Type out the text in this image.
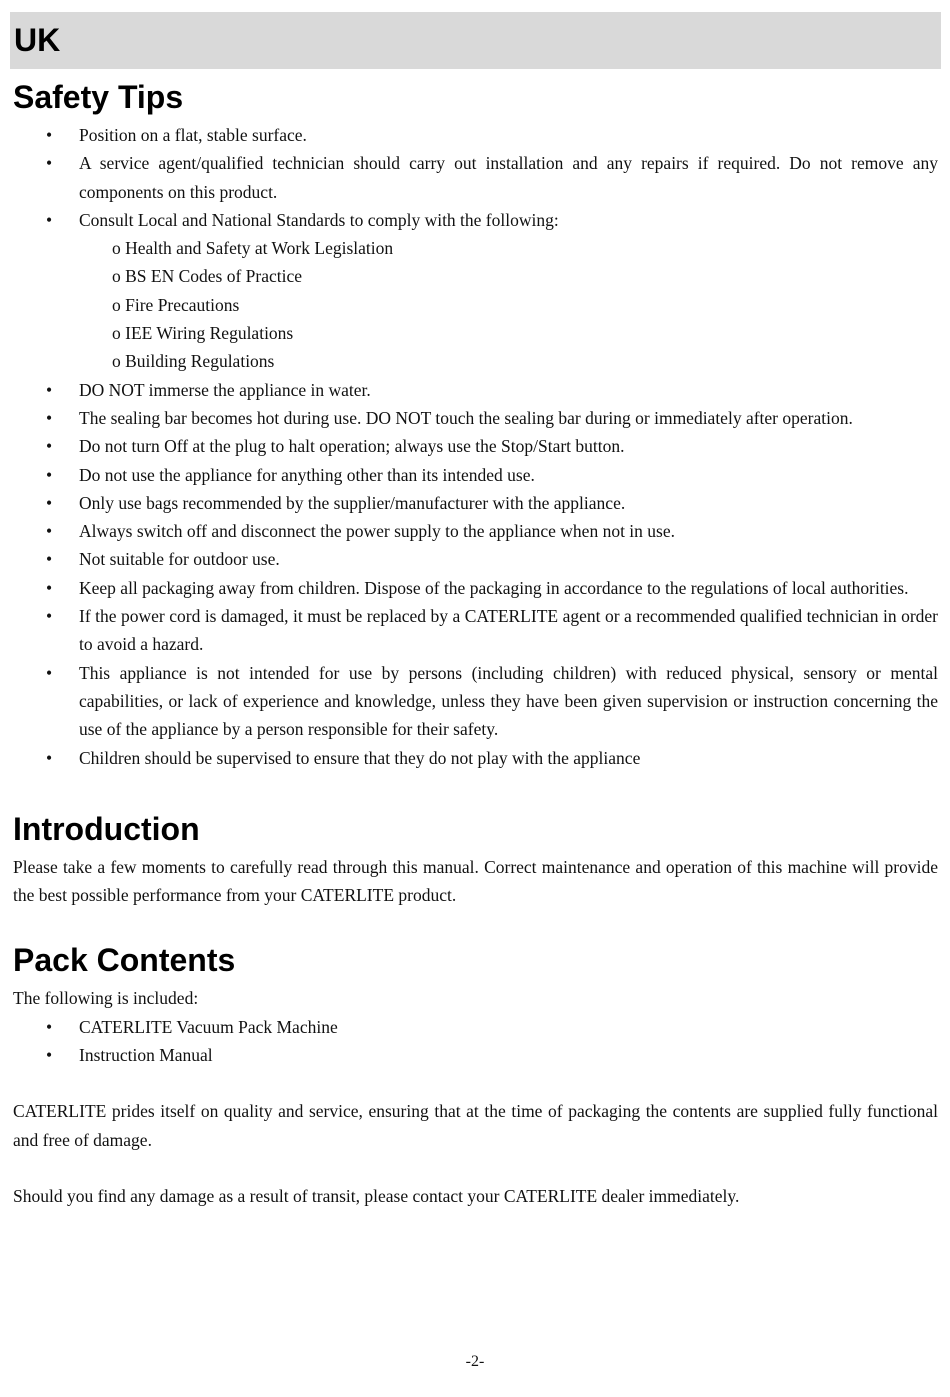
UK
Safety Tips
• Position on a flat, stable surface.
• A service agent/qualified technician should carry out installation and any repairs if required. Do not remove any components on this product.
• Consult Local and National Standards to comply with the following:
o Health and Safety at Work Legislation
o BS EN Codes of Practice
o Fire Precautions
o IEE Wiring Regulations
o Building Regulations
• DO NOT immerse the appliance in water.
• The sealing bar becomes hot during use. DO NOT touch the sealing bar during or immediately after operation.
• Do not turn Off at the plug to halt operation; always use the Stop/Start button.
• Do not use the appliance for anything other than its intended use.
• Only use bags recommended by the supplier/manufacturer with the appliance.
• Always switch off and disconnect the power supply to the appliance when not in use.
• Not suitable for outdoor use.
• Keep all packaging away from children. Dispose of the packaging in accordance to the regulations of local authorities.
• If the power cord is damaged, it must be replaced by a CATERLITE agent or a recommended qualified technician in order to avoid a hazard.
• This appliance is not intended for use by persons (including children) with reduced physical, sensory or mental capabilities, or lack of experience and knowledge, unless they have been given supervision or instruction concerning the use of the appliance by a person responsible for their safety.
• Children should be supervised to ensure that they do not play with the appliance
Introduction

Please take a few moments to carefully read through this manual. Correct maintenance and operation of this machine will provide the best possible performance from your CATERLITE product.

Pack Contents

The following is included:

• CATERLITE Vacuum Pack Machine
• Instruction Manual

CATERLITE prides itself on quality and service, ensuring that at the time of packaging the contents are supplied fully functional and free of damage.

Should you find any damage as a result of transit, please contact your CATERLITE dealer immediately.

-2-
